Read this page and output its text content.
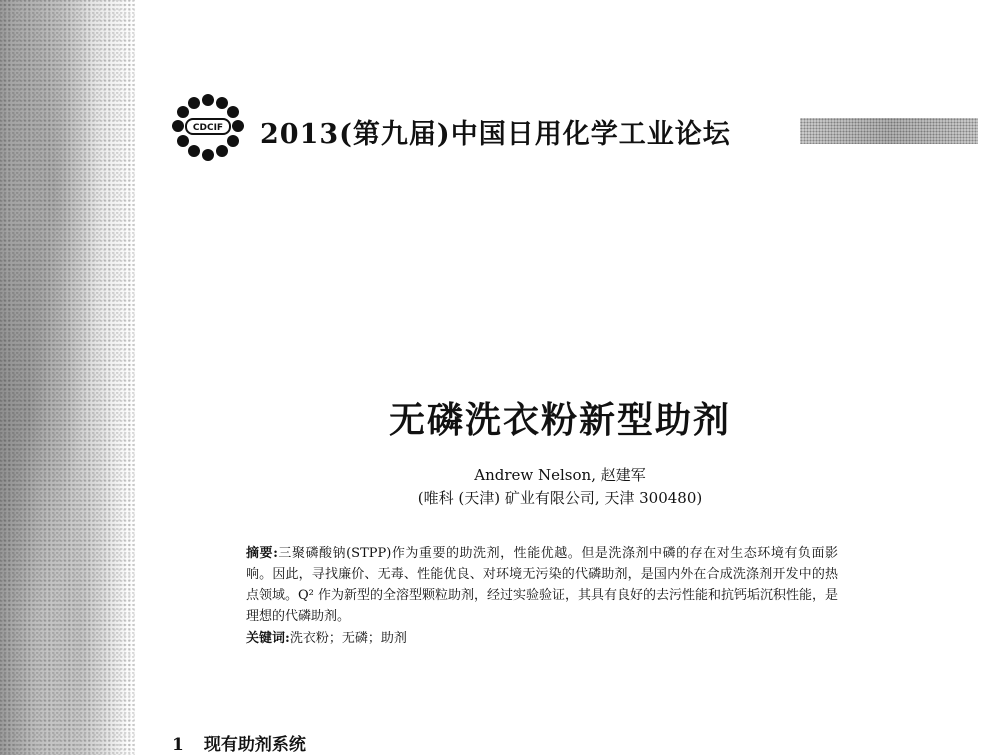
CDCIF 2013(第九届)中国日用化学工业论坛
无磷洗衣粉新型助剂
Andrew Nelson, 赵建军
(唯科 (天津) 矿业有限公司, 天津 300480)
摘要:三聚磷酸钠(STPP)作为重要的助洗剂，性能优越。但是洗涤剂中磷的存在对生态环境有负面影响。因此，寻找廉价、无毒、性能优良、对环境无污染的代磷助剂，是国内外在合成洗涤剂开发中的热点领域。Q² 作为新型的全溶型颗粒助剂，经过实验验证，其具有良好的去污性能和抗钙垢沉积性能，是理想的代磷助剂。
关键词:洗衣粉；无磷；助剂
1 现有助剂系统
